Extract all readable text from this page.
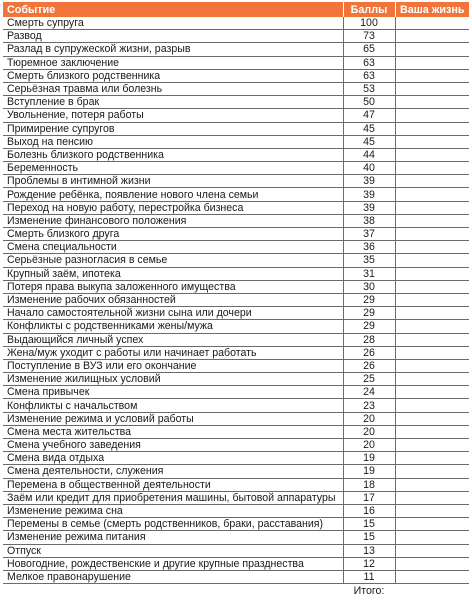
Событие	Баллы	Ваша жизнь
Смерть супруга	100	
Развод	73	
Разлад в супружеской жизни, разрыв	65	
Тюремное заключение	63	
Смерть близкого родственника	63	
Серьёзная травма или болезнь	53	
Вступление в брак	50	
Увольнение, потеря работы	47	
Примирение супругов	45	
Выход на пенсию	45	
Болезнь близкого родственника	44	
Беременность	40	
Проблемы в интимной жизни	39	
Рождение ребёнка, появление нового члена семьи	39	
Переход на новую работу, перестройка бизнеса	39	
Изменение финансового положения	38	
Смерть близкого друга	37	
Смена специальности	36	
Серьёзные разногласия в семье	35	
Крупный заём, ипотека	31	
Потеря права выкупа заложенного имущества	30	
Изменение рабочих обязанностей	29	
Начало самостоятельной жизни сына или дочери	29	
Конфликты с родственниками жены/мужа	29	
Выдающийся личный успех	28	
Жена/муж уходит с работы или начинает работать	26	
Поступление в ВУЗ или его окончание	26	
Изменение жилищных условий	25	
Смена привычек	24	
Конфликты с начальством	23	
Изменение режима и условий работы	20	
Смена места жительства	20	
Смена учебного заведения	20	
Смена вида отдыха	19	
Смена деятельности, служения	19	
Перемена в общественной деятельности	18	
Заём или кредит для приобретения машины, бытовой аппаратуры	17	
Изменение режима сна	16	
Перемены в семье (смерть родственников, браки, расставания)	15	
Изменение режима питания	15	
Отпуск	13	
Новогодние, рождественские и другие крупные празднества	12	
Мелкое правонарушение	11	
	Итого:	
